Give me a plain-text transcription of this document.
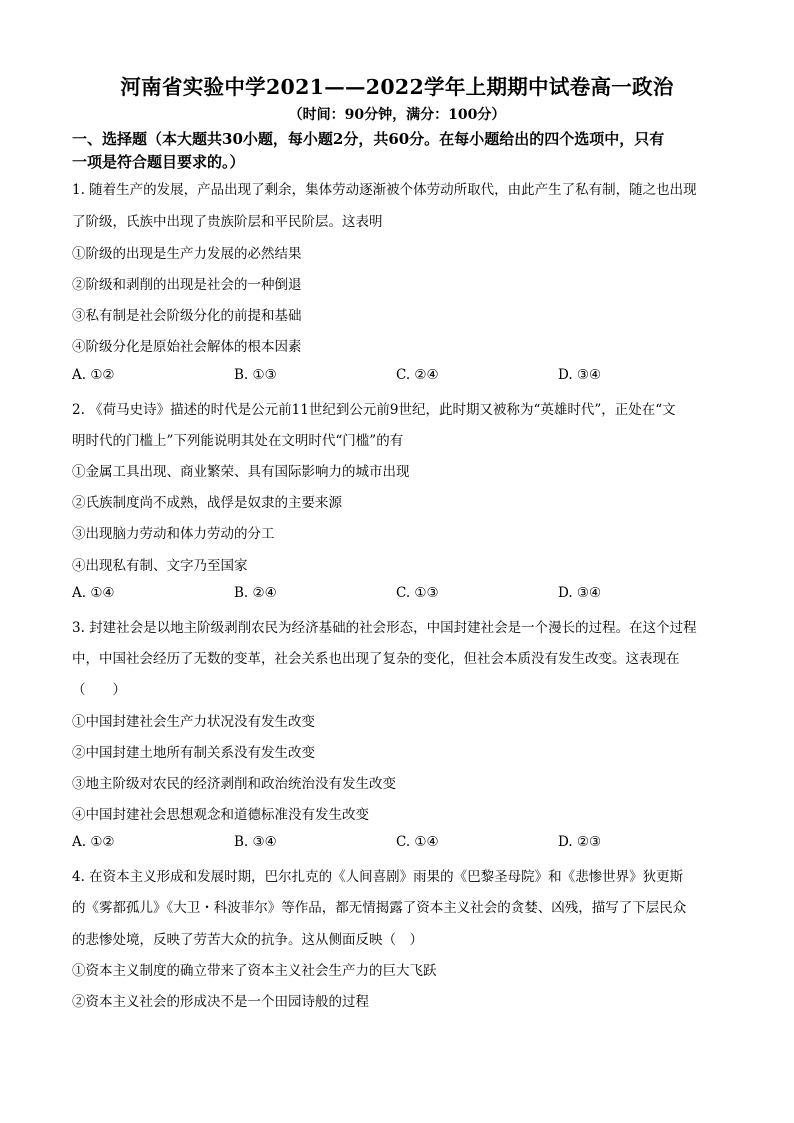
河南省实验中学2021——2022学年上期期中试卷高一政治
（时间：90分钟，满分：100分）
一、选择题（本大题共30小题，每小题2分，共60分。在每小题给出的四个选项中，只有
一项是符合题目要求的。）
1. 随着生产的发展，产品出现了剩余，集体劳动逐渐被个体劳动所取代，由此产生了私有制，随之也出现
了阶级，氏族中出现了贵族阶层和平民阶层。这表明
①阶级的出现是生产力发展的必然结果
②阶级和剥削的出现是社会的一种倒退
③私有制是社会阶级分化的前提和基础
④阶级分化是原始社会解体的根本因素
A. ①②	B. ①③	C. ②④	D. ③④
2. 《荷马史诗》描述的时代是公元前11世纪到公元前9世纪，此时期又被称为“英雄时代”，正处在“文
明时代的门槛上”下列能说明其处在文明时代“门槛”的有
①金属工具出现、商业繁荣、具有国际影响力的城市出现
②氏族制度尚不成熟，战俘是奴隶的主要来源
③出现脑力劳动和体力劳动的分工
④出现私有制、文字乃至国家
A. ①④	B. ②④	C. ①③	D. ③④
3. 封建社会是以地主阶级剥削农民为经济基础的社会形态，中国封建社会是一个漫长的过程。在这个过程
中，中国社会经历了无数的变革，社会关系也出现了复杂的变化，但社会本质没有发生改变。这表现在
（　　）
①中国封建社会生产力状况没有发生改变
②中国封建土地所有制关系没有发生改变
③地主阶级对农民的经济剥削和政治统治没有发生改变
④中国封建社会思想观念和道德标准没有发生改变
A. ①②	B. ③④	C. ①④	D. ②③
4. 在资本主义形成和发展时期，巴尔扎克的《人间喜剧》雨果的《巴黎圣母院》和《悲惨世界》狄更斯
的《雾都孤儿》《大卫・科波菲尔》等作品，都无情揭露了资本主义社会的贪婪、凶残，描写了下层民众
的悲惨处境，反映了劳苦大众的抗争。这从侧面反映（　）
①资本主义制度的确立带来了资本主义社会生产力的巨大飞跃
②资本主义社会的形成决不是一个田园诗般的过程
